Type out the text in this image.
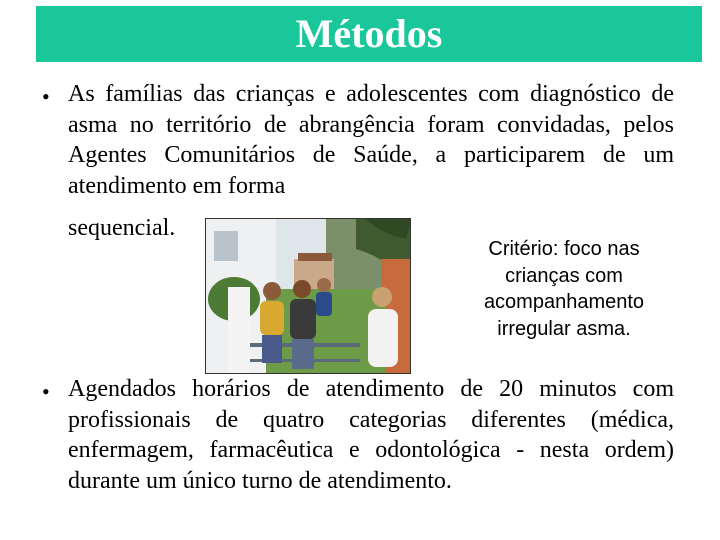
Métodos
• As famílias das crianças e adolescentes com diagnóstico de asma no território de abrangência foram convidadas, pelos Agentes Comunitários de Saúde, a participarem de um atendimento em forma
sequencial.
Critério: foco nas crianças com acompanhamento irregular asma.
• Agendados horários de atendimento de 20 minutos com profissionais de quatro categorias diferentes (médica, enfermagem, farmacêutica e odontológica - nesta ordem) durante um único turno de atendimento.
